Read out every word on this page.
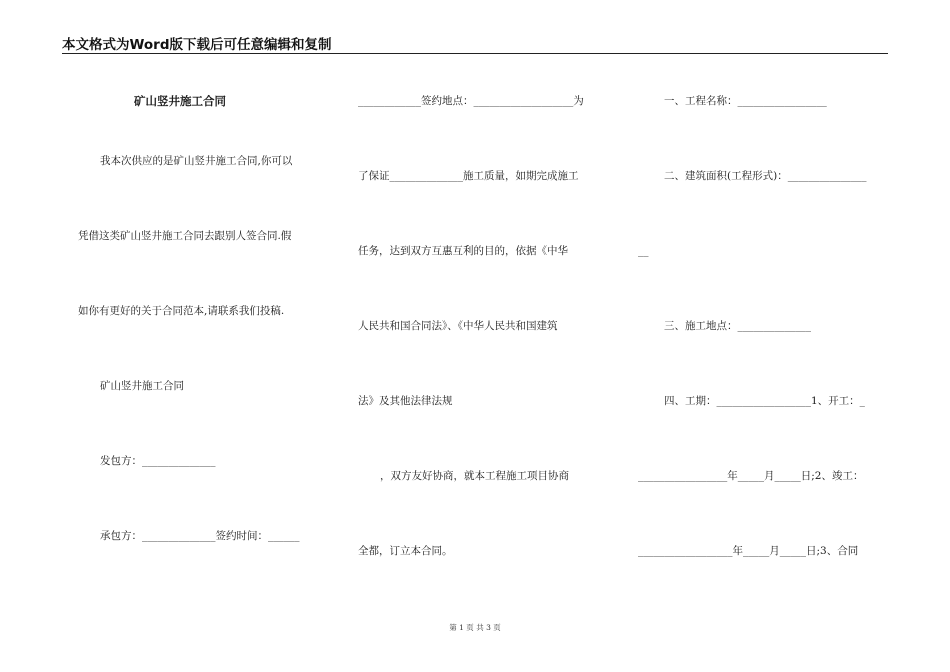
本文格式为Word版下载后可任意编辑和复制
矿山竖井施工合同
我本次供应的是矿山竖井施工合同,你可以
凭借这类矿山竖井施工合同去跟别人签合同.假
如你有更好的关于合同范本,请联系我们投稿.
矿山竖井施工合同
发包方：______________
承包方：______________签约时间：______
____________签约地点：___________________为
了保证______________施工质量，如期完成施工
任务，达到双方互惠互利的目的，依据《中华
人民共和国合同法》、《中华人民共和国建筑
法》及其他法律法规
，双方友好协商，就本工程施工项目协商
全都，订立本合同。
一、工程名称：_________________
二、建筑面积(工程形式)：_______________
__
三、施工地点：______________
四、工期：__________________1、开工：_
_________________年_____月_____日;2、竣工：
__________________年_____月_____日;3、合同
第 1 页 共 3 页
